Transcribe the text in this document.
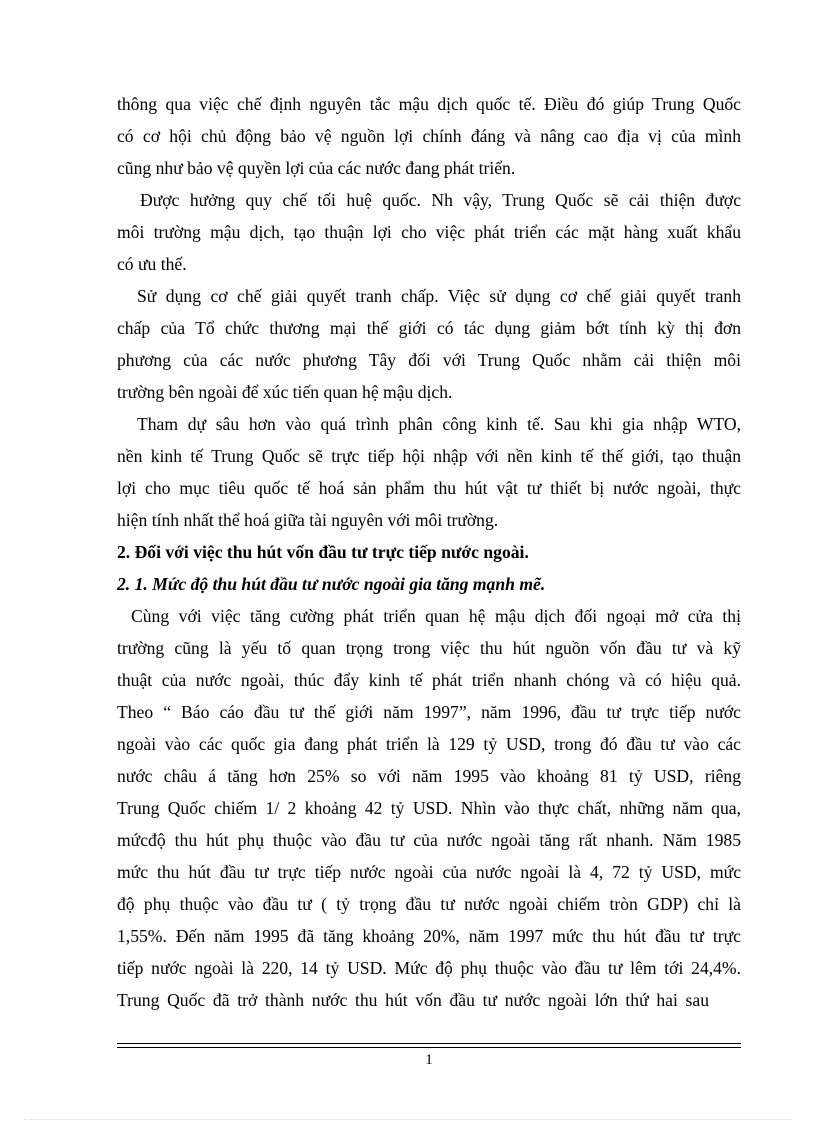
thông qua việc chế định nguyên tắc mậu dịch quốc tế. Điều đó giúp Trung Quốc
có cơ hội chủ động bảo vệ nguồn lợi chính đáng và nâng cao địa vị của mình
cũng như bảo vệ quyền lợi của các nước đang phát triển.
Được hưởng quy chế tối huệ quốc. Nh vậy, Trung Quốc sẽ cải thiện được
môi trường mậu dịch, tạo thuận lợi cho việc phát triển các mặt hàng xuất khẩu
có ưu thế.
Sử dụng cơ chế giải quyết tranh chấp. Việc sử dụng cơ chế giải quyết tranh
chấp của Tổ chức thương mại thế giới có tác dụng giảm bớt tính kỳ thị đơn
phương của các nước phương Tây đối với Trung Quốc nhằm cải thiện môi
trường bên ngoài để xúc tiến quan hệ mậu dịch.
Tham dự sâu hơn vào quá trình phân công kinh tế. Sau khi gia nhập WTO,
nền kinh tế Trung Quốc sẽ trực tiếp hội nhập với nền kinh tế thế giới, tạo thuận
lợi cho mục tiêu quốc tế hoá sản phẩm thu hút vật tư thiết bị nước ngoài, thực
hiện tính nhất thể hoá giữa tài nguyên với môi trường.
2. Đối với việc thu hút vốn đầu tư trực tiếp nước ngoài.
2. 1. Mức độ thu hút đầu tư nước ngoài gia tăng mạnh mẽ.
Cùng với việc tăng cường phát triển quan hệ mậu dịch đối ngoại mở cửa thị
trường cũng là yếu tố quan trọng trong việc thu hút nguồn vốn đầu tư và kỹ
thuật của nước ngoài, thúc đẩy kinh tế phát triển nhanh chóng và có hiệu quả.
Theo “ Báo cáo đầu tư thế giới năm 1997”, năm 1996, đầu tư trực tiếp nước
ngoài vào các quốc gia đang phát triển là 129 tỷ USD, trong đó đầu tư vào các
nước châu á tăng hơn 25% so với năm 1995 vào khoảng 81 tỷ USD, riêng
Trung Quốc chiếm 1/ 2 khoảng 42 tỷ USD. Nhìn vào thực chất, những năm qua,
mứcđộ thu hút phụ thuộc vào đầu tư của nước ngoài tăng rất nhanh. Năm 1985
mức thu hút đầu tư trực tiếp nước ngoài của nước ngoài là 4, 72 tỷ USD, mức
độ phụ thuộc vào đầu tư ( tỷ trọng đầu tư nước ngoài chiếm tròn GDP) chỉ là
1,55%. Đến năm 1995 đã tăng khoảng 20%, năm 1997 mức thu hút đầu tư trực
tiếp nước ngoài là 220, 14 tỷ USD. Mức độ phụ thuộc vào đầu tư lêm tới 24,4%.
Trung Quốc đã trở thành nước thu hút vốn đầu tư nước ngoài lớn thứ hai sau
1
